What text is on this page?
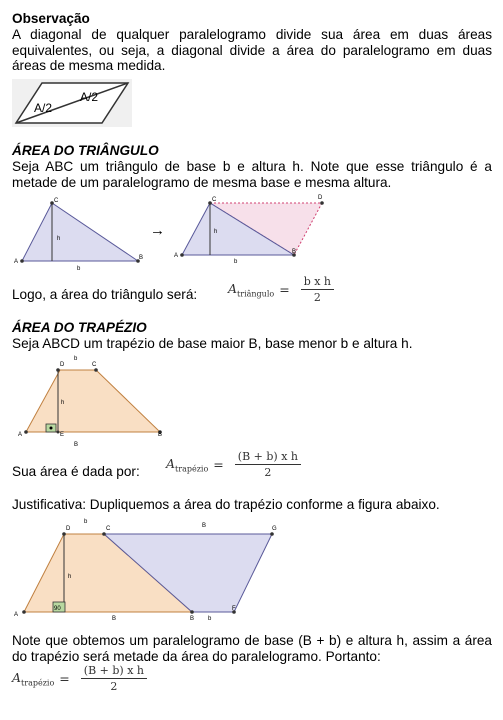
Observação
A diagonal de qualquer paralelogramo divide sua área em duas áreas equivalentes, ou seja, a diagonal divide a área do paralelogramo em duas áreas de mesma medida.
A/2
A/2
ÁREA DO TRIÂNGULO
Seja ABC um triângulo de base b e altura h. Note que esse triângulo é a metade de um paralelogramo de mesma base e mesma altura.
A
C
B
h
b
→
A
C
B
D
h
b
Logo, a área do triângulo será:	$A_{triângulo} = \frac{\text{b x h}}{2}$
ÁREA DO TRAPÉZIO
Seja ABCD um trapézio de base maior B, base menor b e altura h.
A	E	B
D	C
b
h
B
Sua área é dada por:
$A_{trapézio} = \frac{\text{(B + b) x h}}{2}$
Justificativa: Dupliquemos a área do trapézio conforme a figura abaixo.
90
A
D	C	G
B
F
b
B
h
b
B
Note que obtemos um paralelogramo de base (B + b) e altura h, assim a área do trapézio será metade da área do paralelogramo. Portanto:
$A_{trapézio} = \frac{\text{(B + b) x h}}{2}$
